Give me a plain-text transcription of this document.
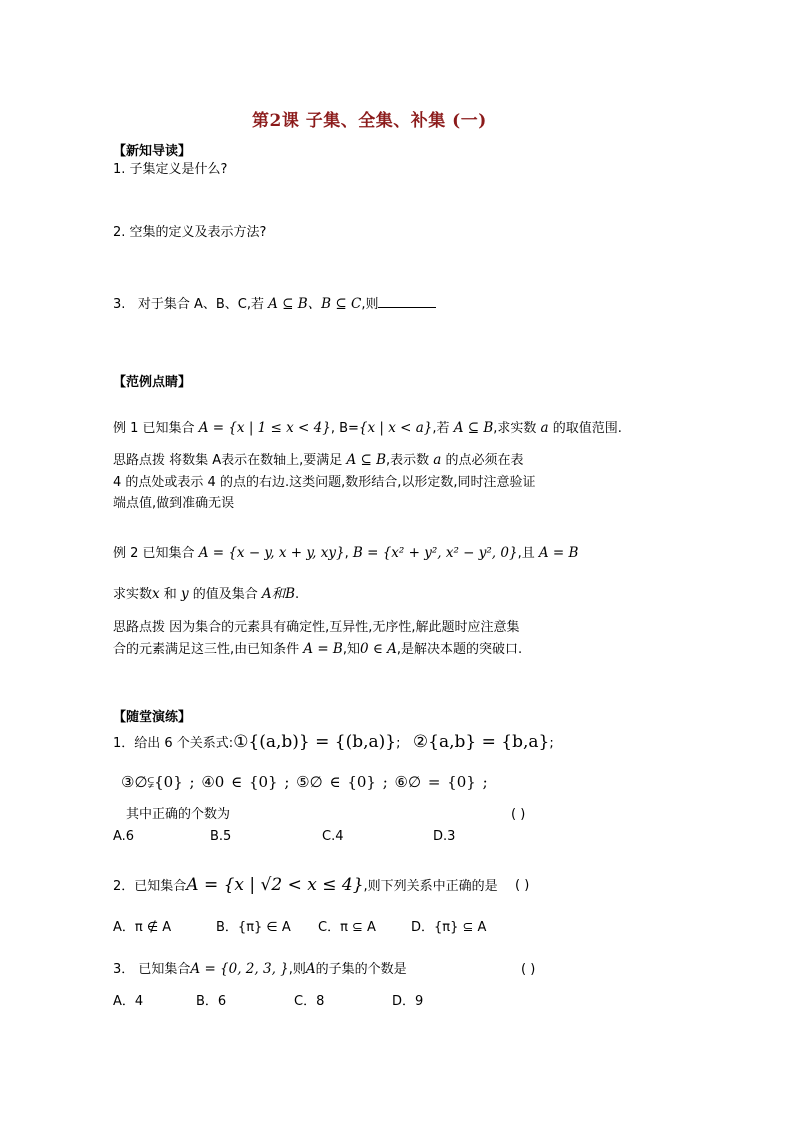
第2课 子集、全集、补集 (一)
【新知导读】
1. 子集定义是什么?
2. 空集的定义及表示方法?
3. 对于集合 A、B、C,若 A ⊆ B、B ⊆ C,则
【范例点睛】
例 1 已知集合 A = {x | 1 ≤ x < 4}, B={x | x < a},若 A ⊆ B,求实数 a 的取值范围.
思路点拨 将数集 A表示在数轴上,要满足 A ⊆ B,表示数 a 的点必须在表
4 的点处或表示 4 的点的右边.这类问题,数形结合,以形定数,同时注意验证
端点值,做到准确无误
例 2 已知集合 A = {x − y, x + y, xy}, B = {x² + y², x² − y², 0},且 A = B
求实数x 和 y 的值及集合 A和B.
思路点拨 因为集合的元素具有确定性,互异性,无序性,解此题时应注意集
合的元素满足这三性,由已知条件 A = B,知0 ∈ A,是解决本题的突破口.
【随堂演练】
1．给出 6 个关系式:①{(a,b)} = {(b,a)};   ②{a,b} = {b,a};
③∅⫋{0} ; ④0 ∈ {0} ; ⑤∅ ∈ {0} ; ⑥∅ = {0} ;
其中正确的个数为	( )
A.6	B.5	C.4	D.3
2．已知集合A = {x | √2 < x ≤ 4},则下列关系中正确的是 ( )
A．π ∉ A	B．{π} ∈ A C．π ⊆ A	D．{π} ⊆ A
3． 已知集合A = {0, 2, 3, },则A的子集的个数是	( )
A．4	B．6	C．8	D．9
